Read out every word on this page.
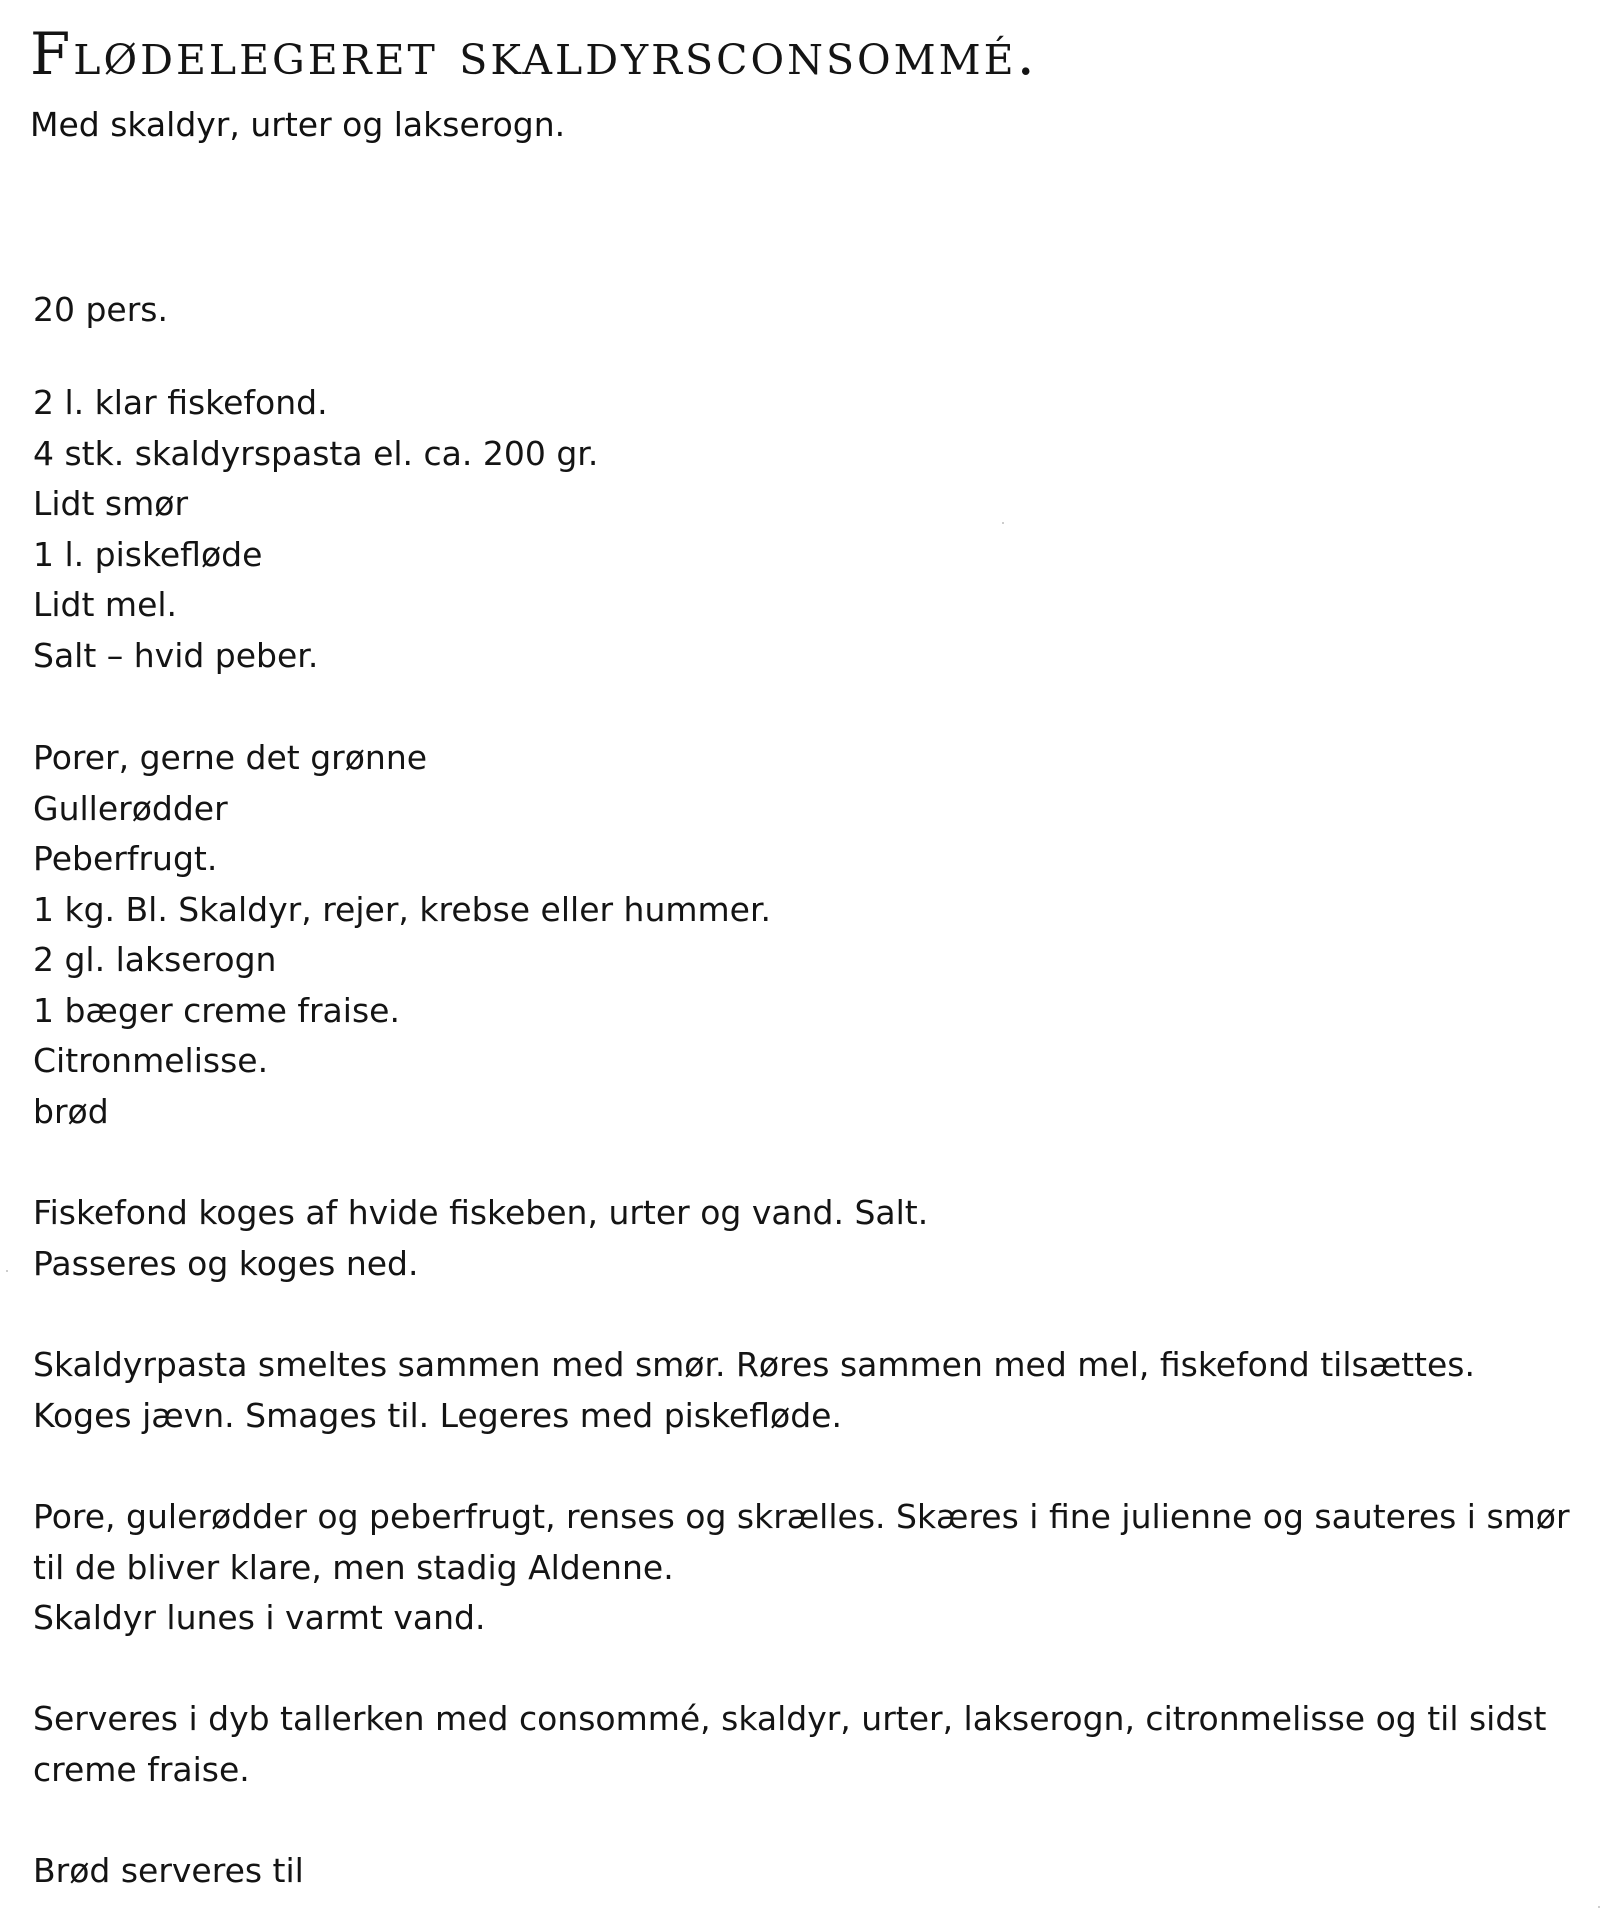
Flødelegeret skaldyrsconsommé.

Med skaldyr, urter og lakserogn.

20 pers.

2 l. klar fiskefond.
4 stk. skaldyrspasta el. ca. 200 gr.
Lidt smør
1 l. piskefløde
Lidt mel.
Salt – hvid peber.
Porer, gerne det grønne
Gullerødder
Peberfrugt.
1 kg. Bl. Skaldyr, rejer, krebse eller hummer.
2 gl. lakserogn
1 bæger creme fraise.
Citronmelisse.
brød
Fiskefond koges af hvide fiskeben, urter og vand. Salt.
Passeres og koges ned.
Skaldyrpasta smeltes sammen med smør. Røres sammen med mel, fiskefond tilsættes.
Koges jævn. Smages til. Legeres med piskefløde.
Pore, gulerødder og peberfrugt, renses og skrælles. Skæres i fine julienne og sauteres i smør
til de bliver klare, men stadig Aldenne.
Skaldyr lunes i varmt vand.
Serveres i dyb tallerken med consommé, skaldyr, urter, lakserogn, citronmelisse og til sidst
creme fraise.
Brød serveres til
